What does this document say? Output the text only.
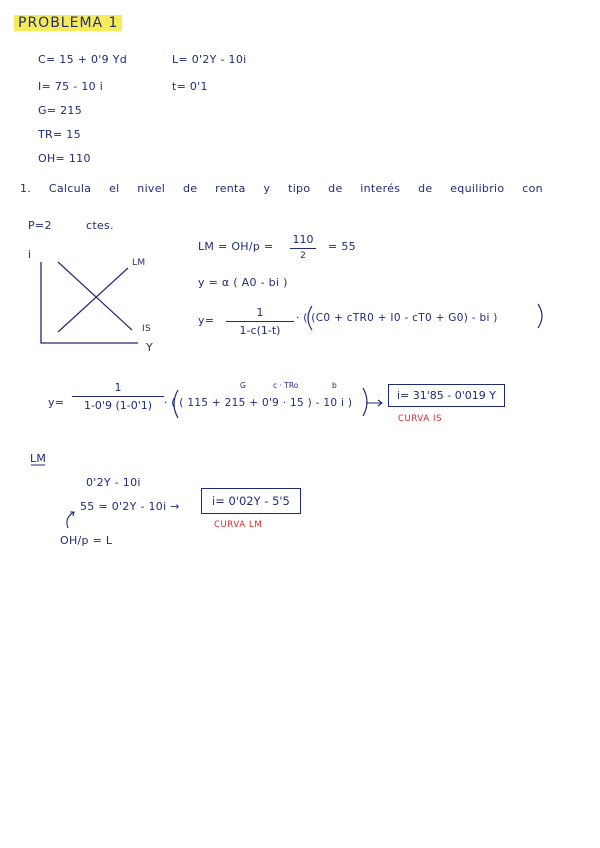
PROBLEMA 1
C= 15 + 0'9 Yd
I= 75 - 10 i
G= 215
TR= 15
OH= 110
L= 0'2Y - 10i
t= 0'1
1. Calcula el nivel de renta y tipo de interés de equilibrio con
P=2	ctes.
i
LM
IS
Y
LM = OH/p =
110
2
= 55
y = α ( A0 - bi )
y=
1
1-c(1-t)
· ( (C0 + cTR0 + I0 - cT0 + G0) - bi )
G	c · TRo	b
y=
1
1-0'9 (1-0'1)	· ( ( 115 + 215 + 0'9 · 15 ) - 10 i )
i= 31'85 - 0'019 Y
CURVA IS
LM
0'2Y - 10i
55 = 0'2Y - 10i →	i= 0'02Y - 5'5
CURVA LM
OH/p = L
